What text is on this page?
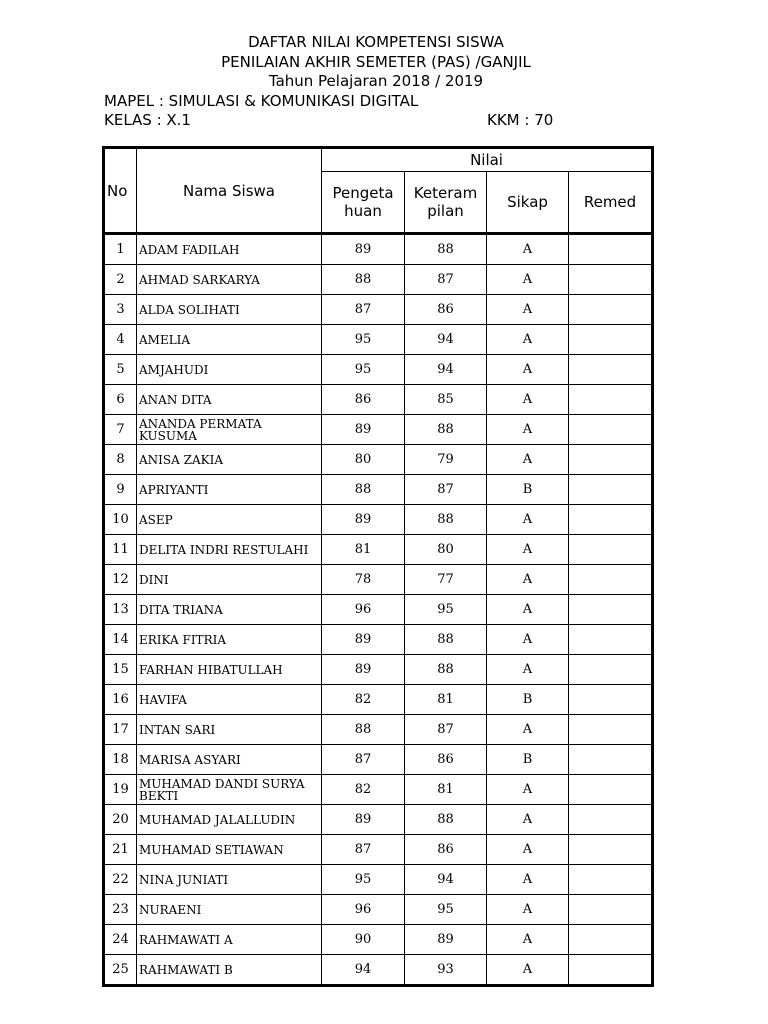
DAFTAR NILAI KOMPETENSI SISWA
PENILAIAN AKHIR SEMETER (PAS) /GANJIL
Tahun Pelajaran 2018 / 2019
MAPEL : SIMULASI & KOMUNIKASI DIGITAL
KELAS : X.1	KKM : 70
No	Nama Siswa	Nilai			
		Pengeta huan	Keteram pilan	Sikap	Remed
1	ADAM FADILAH	89	88	A	
2	AHMAD SARKARYA	88	87	A	
3	ALDA SOLIHATI	87	86	A	
4	AMELIA	95	94	A	
5	AMJAHUDI	95	94	A	
6	ANAN DITA	86	85	A	
7	ANANDA PERMATA KUSUMA	89	88	A	
8	ANISA ZAKIA	80	79	A	
9	APRIYANTI	88	87	B	
10	ASEP	89	88	A	
11	DELITA INDRI RESTULAHI	81	80	A	
12	DINI	78	77	A	
13	DITA TRIANA	96	95	A	
14	ERIKA FITRIA	89	88	A	
15	FARHAN HIBATULLAH	89	88	A	
16	HAVIFA	82	81	B	
17	INTAN SARI	88	87	A	
18	MARISA ASYARI	87	86	B	
19	MUHAMAD DANDI SURYA BEKTI	82	81	A	
20	MUHAMAD JALALLUDIN	89	88	A	
21	MUHAMAD SETIAWAN	87	86	A	
22	NINA JUNIATI	95	94	A	
23	NURAENI	96	95	A	
24	RAHMAWATI A	90	89	A	
25	RAHMAWATI B	94	93	A	
